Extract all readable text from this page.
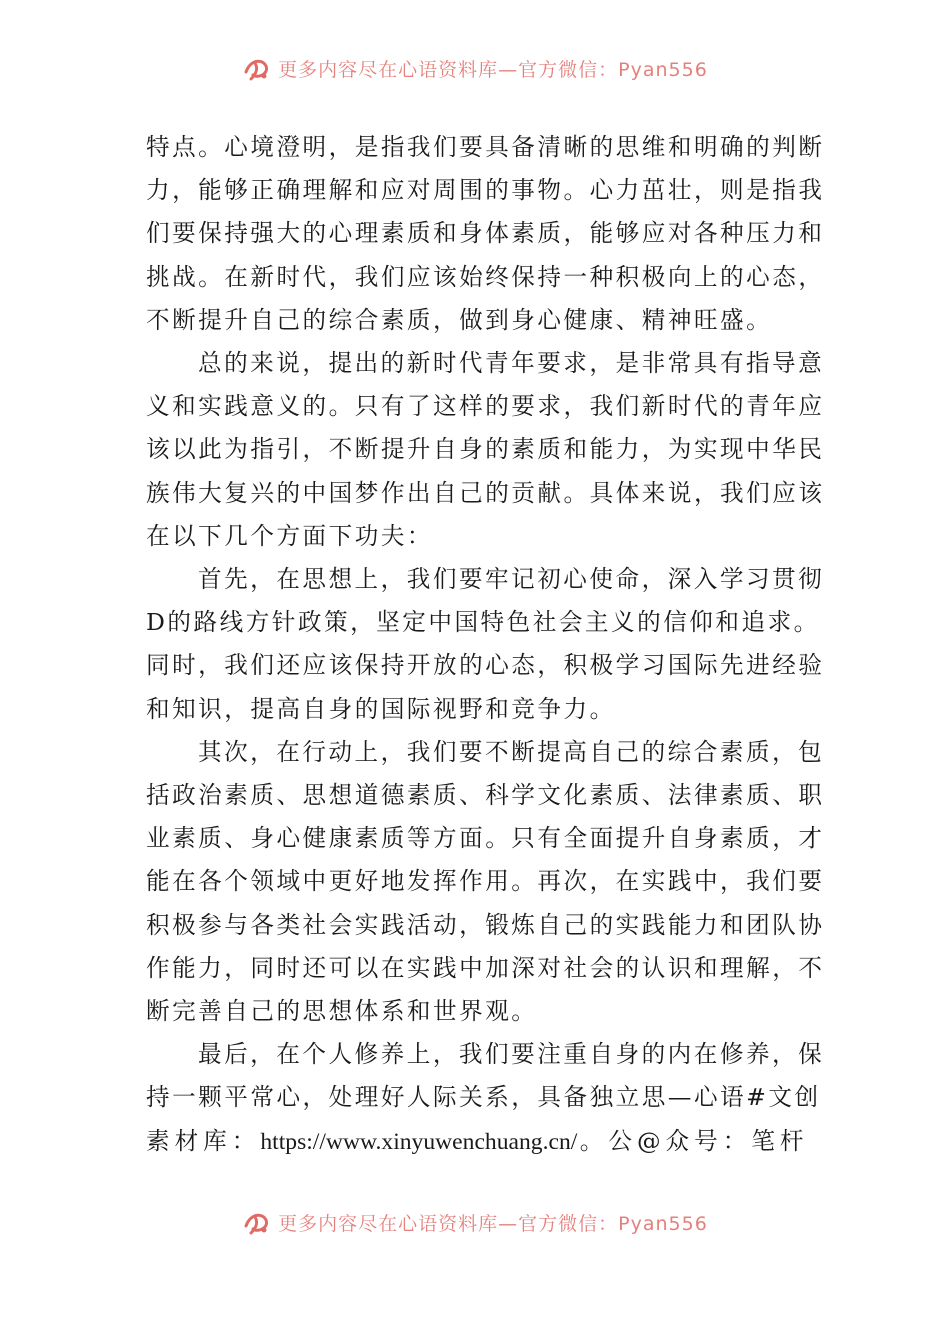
更多内容尽在心语资料库—官方微信：Pyan556

特点。心境澄明，是指我们要具备清晰的思维和明确的判断
力，能够正确理解和应对周围的事物。心力茁壮，则是指我
们要保持强大的心理素质和身体素质，能够应对各种压力和
挑战。在新时代，我们应该始终保持一种积极向上的心态，
不断提升自己的综合素质，做到身心健康、精神旺盛。

总的来说，提出的新时代青年要求，是非常具有指导意
义和实践意义的。只有了这样的要求，我们新时代的青年应
该以此为指引，不断提升自身的素质和能力，为实现中华民
族伟大复兴的中国梦作出自己的贡献。具体来说，我们应该
在以下几个方面下功夫：

首先，在思想上，我们要牢记初心使命，深入学习贯彻
D的路线方针政策，坚定中国特色社会主义的信仰和追求。
同时，我们还应该保持开放的心态，积极学习国际先进经验
和知识，提高自身的国际视野和竞争力。

其次，在行动上，我们要不断提高自己的综合素质，包
括政治素质、思想道德素质、科学文化素质、法律素质、职
业素质、身心健康素质等方面。只有全面提升自身素质，才
能在各个领域中更好地发挥作用。再次，在实践中，我们要
积极参与各类社会实践活动，锻炼自己的实践能力和团队协
作能力，同时还可以在实践中加深对社会的认识和理解，不
断完善自己的思想体系和世界观。

最后，在个人修养上，我们要注重自身的内在修养，保
持一颗平常心，处理好人际关系，具备独立思—心语#文创
素材库：https://www.xinyuwenchuang.cn/。公@众号：笔杆

更多内容尽在心语资料库—官方微信：Pyan556
